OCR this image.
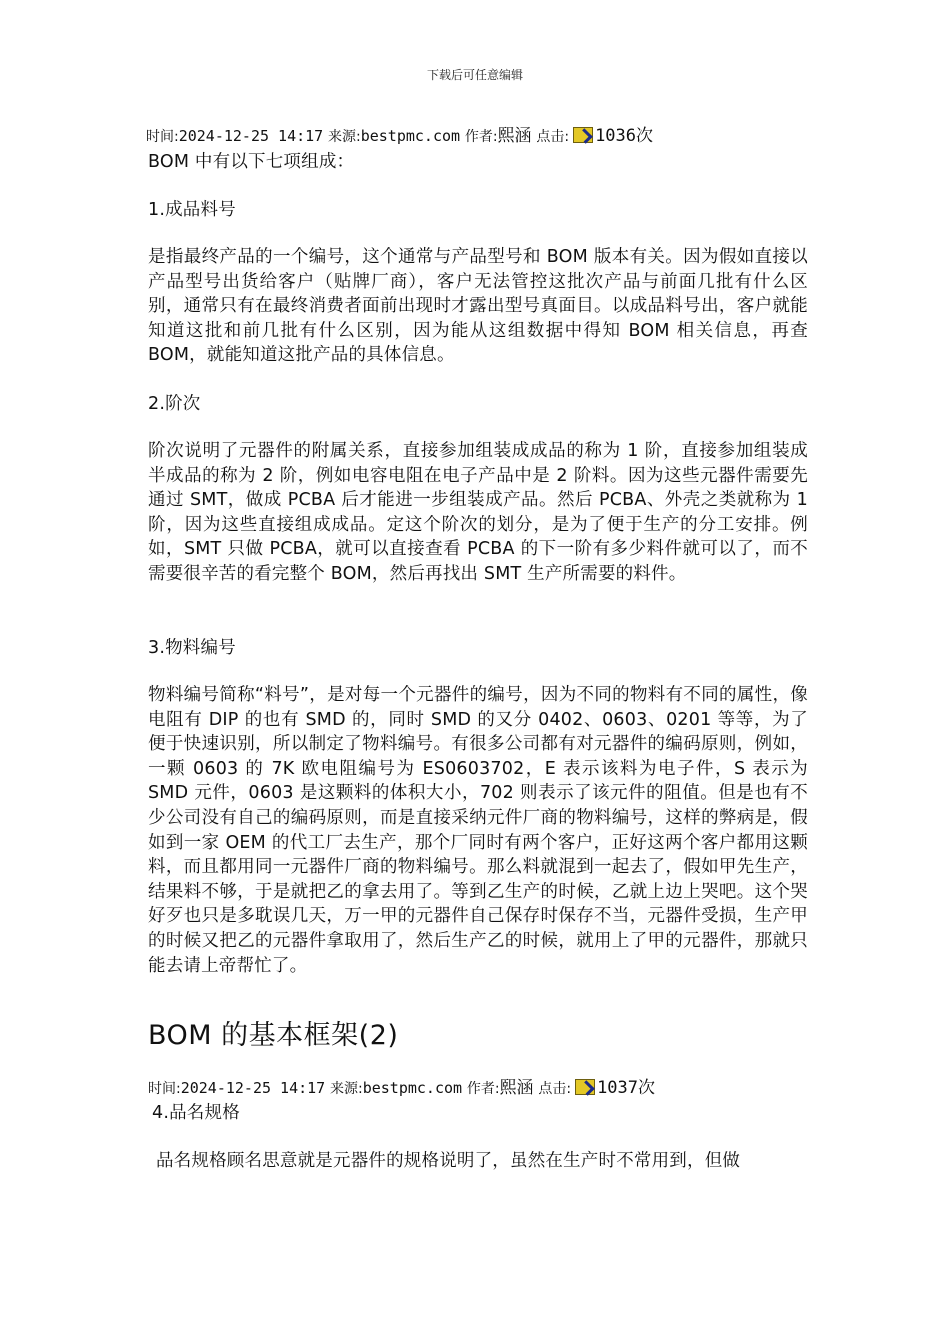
下载后可任意编辑
时间:2024-12-25 14:17 来源:bestpmc.com 作者:熙涵 点击: 1036次

BOM 中有以下七项组成：

1.成品料号

是指最终产品的一个编号，这个通常与产品型号和 BOM 版本有关。因为假如直接以产品型号出货给客户（贴牌厂商），客户无法管控这批次产品与前面几批有什么区别，通常只有在最终消费者面前出现时才露出型号真面目。以成品料号出，客户就能知道这批和前几批有什么区别，因为能从这组数据中得知 BOM 相关信息，再查 BOM，就能知道这批产品的具体信息。

2.阶次

阶次说明了元器件的附属关系，直接参加组装成成品的称为 1 阶，直接参加组装成半成品的称为 2 阶，例如电容电阻在电子产品中是 2 阶料。因为这些元器件需要先通过 SMT，做成 PCBA 后才能进一步组装成产品。然后 PCBA、外壳之类就称为 1 阶，因为这些直接组成成品。定这个阶次的划分，是为了便于生产的分工安排。例如，SMT 只做 PCBA，就可以直接查看 PCBA 的下一阶有多少料件就可以了，而不需要很辛苦的看完整个 BOM，然后再找出 SMT 生产所需要的料件。

3.物料编号

物料编号简称“料号”，是对每一个元器件的编号，因为不同的物料有不同的属性，像电阻有 DIP 的也有 SMD 的，同时 SMD 的又分 0402、0603、0201 等等，为了便于快速识别，所以制定了物料编号。有很多公司都有对元器件的编码原则，例如，一颗 0603 的 7K 欧电阻编号为 ES0603702，E 表示该料为电子件，S 表示为 SMD 元件，0603 是这颗料的体积大小，702 则表示了该元件的阻值。但是也有不少公司没有自己的编码原则，而是直接采纳元件厂商的物料编号，这样的弊病是，假如到一家 OEM 的代工厂去生产，那个厂同时有两个客户，正好这两个客户都用这颗料，而且都用同一元器件厂商的物料编号。那么料就混到一起去了，假如甲先生产，结果料不够，于是就把乙的拿去用了。等到乙生产的时候，乙就上边上哭吧。这个哭好歹也只是多耽误几天，万一甲的元器件自己保存时保存不当，元器件受损，生产甲的时候又把乙的元器件拿取用了，然后生产乙的时候，就用上了甲的元器件，那就只能去请上帝帮忙了。

BOM 的基本框架(2)
时间:2024-12-25 14:17 来源:bestpmc.com 作者:熙涵 点击: 1037次

4.品名规格

品名规格顾名思意就是元器件的规格说明了，虽然在生产时不常用到，但做
